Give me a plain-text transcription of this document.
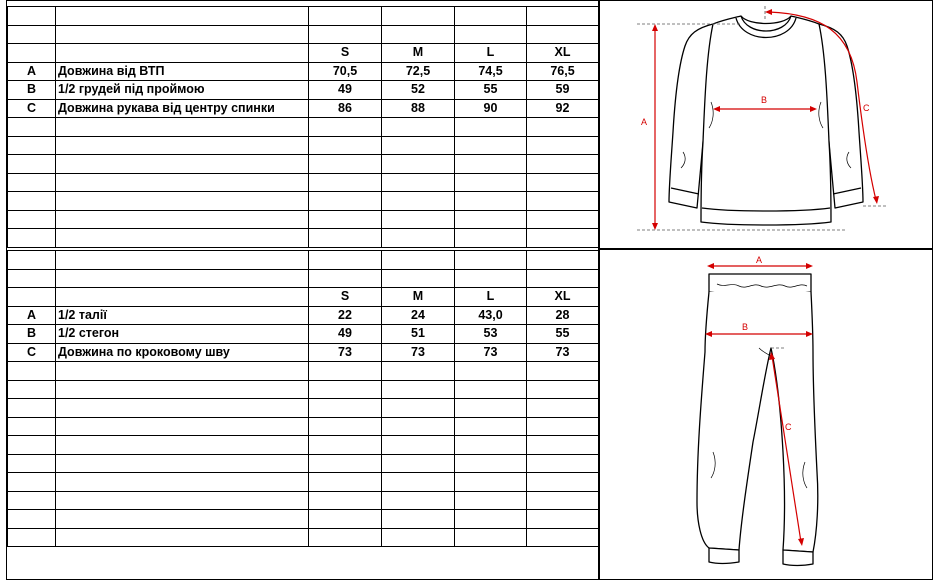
		S	M	L	XL
A	Довжина від ВТП	70,5	72,5	74,5	76,5
B	1/2 грудей під проймою	49	52	55	59
C	Довжина рукава від центру спинки	86	88	90	92

		S	M	L	XL
A	1/2 талії	22	24	43,0	28
B	1/2 стегон	49	51	53	55
C	Довжина по кроковому шву	73	73	73	73

A
B
C
A
B
C
